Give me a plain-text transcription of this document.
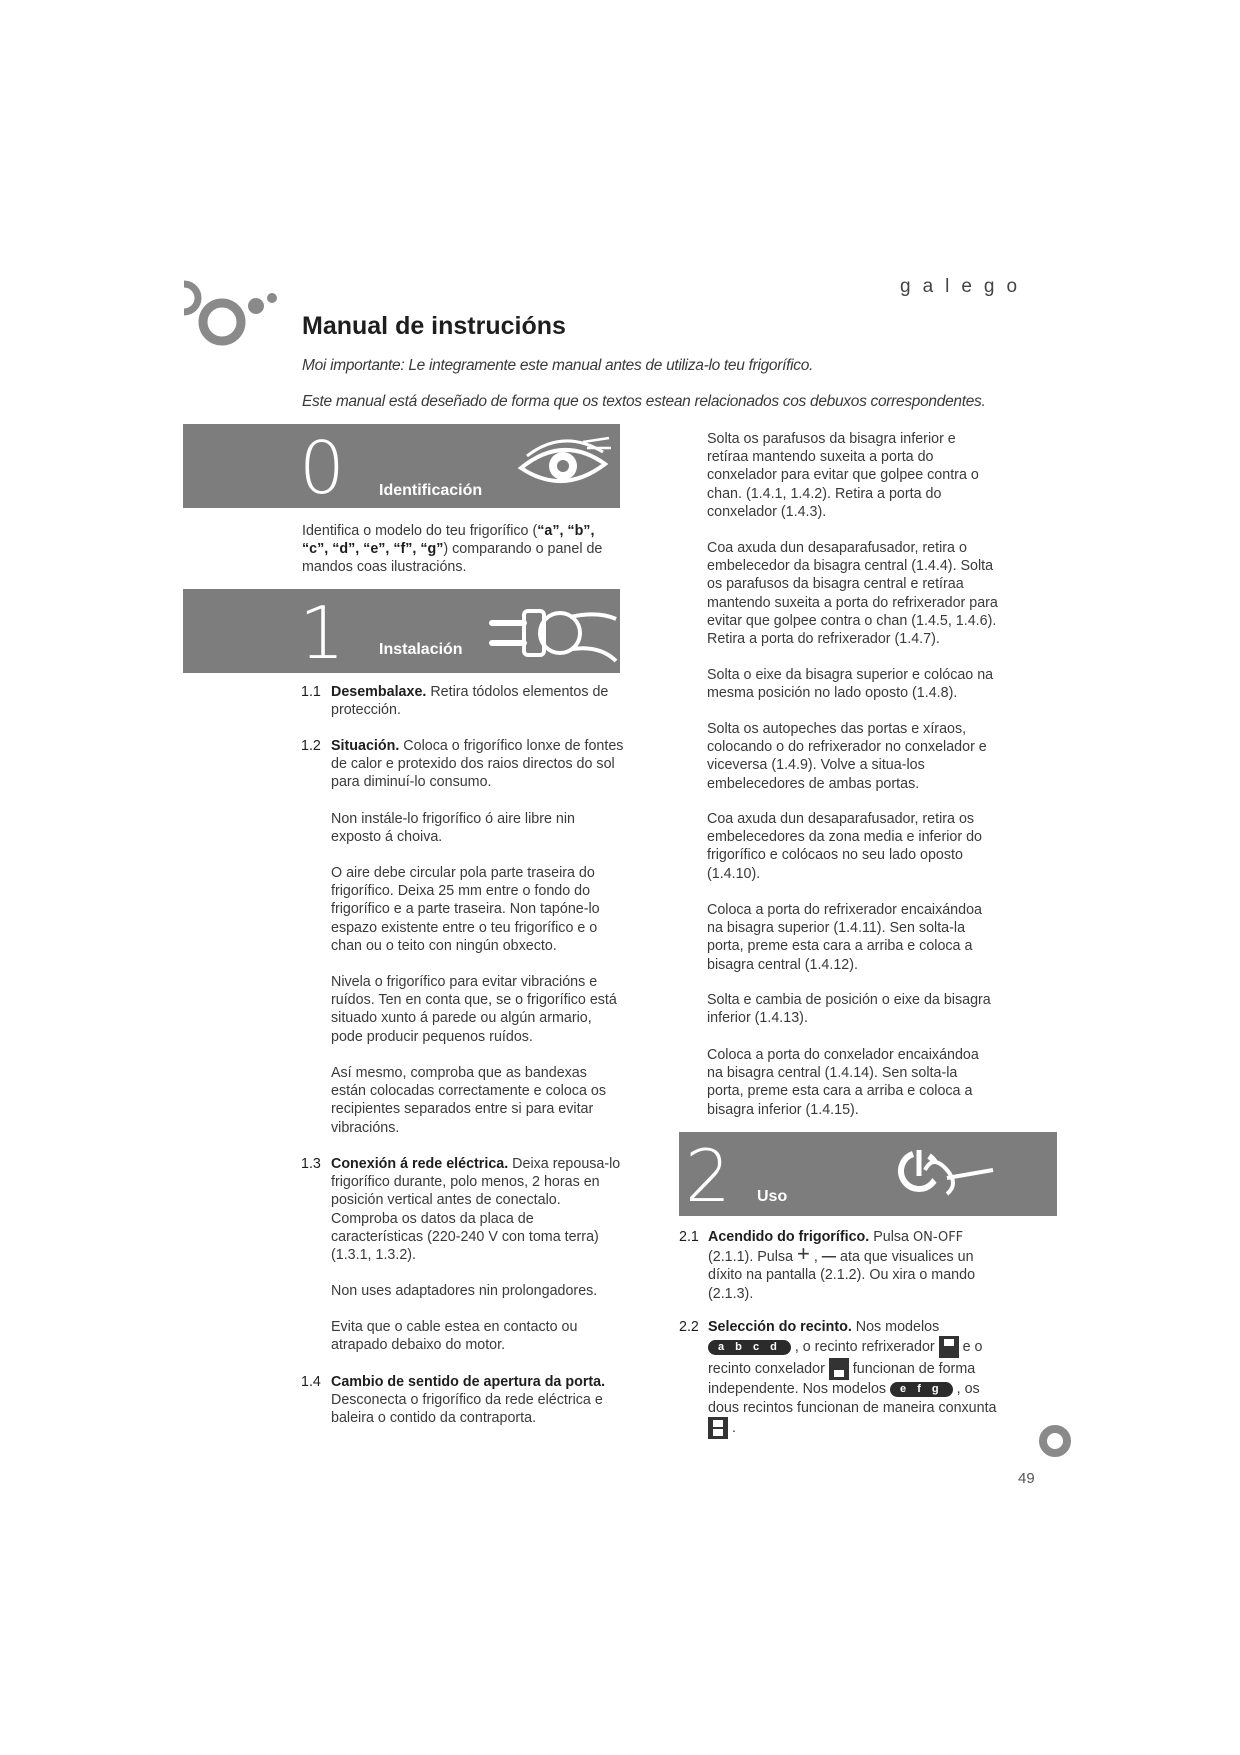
galego
Manual de instrucións
Moi importante: Le integramente este manual antes de utiliza-lo teu frigorífico.
Este manual está deseñado de forma que os textos estean relacionados cos debuxos correspondentes.
0 Identificación
Identifica o modelo do teu frigorífico (“a”, “b”,
“c”, “d”, “e”, “f”, “g”) comparando o panel de mandos coas ilustracións.
1 Instalación
1.1 Desembalaxe. Retira tódolos elementos de protección.
1.2 Situación. Coloca o frigorífico lonxe de fontes de calor e protexido dos raios directos do sol para diminuí-lo consumo.
Non instále-lo frigorífico ó aire libre nin exposto á choiva.
O aire debe circular pola parte traseira do frigorífico. Deixa 25 mm entre o fondo do frigorífico e a parte traseira. Non tapóne-lo espazo existente entre o teu frigorífico e o chan ou o teito con ningún obxecto.
Nivela o frigorífico para evitar vibracións e ruídos. Ten en conta que, se o frigorífico está situado xunto á parede ou algún armario, pode producir pequenos ruídos.
Así mesmo, comproba que as bandexas están colocadas correctamente e coloca os recipientes separados entre si para evitar vibracións.
1.3 Conexión á rede eléctrica. Deixa repousa-lo frigorífico durante, polo menos, 2 horas en posición vertical antes de conectalo. Comproba os datos da placa de características (220-240 V con toma terra) (1.3.1, 1.3.2).
Non uses adaptadores nin prolongadores.
Evita que o cable estea en contacto ou atrapado debaixo do motor.
1.4 Cambio de sentido de apertura da porta. Desconecta o frigorífico da rede eléctrica e baleira o contido da contraporta.
Solta os parafusos da bisagra inferior e retíraa mantendo suxeita a porta do conxelador para evitar que golpee contra o chan. (1.4.1, 1.4.2). Retira a porta do conxelador (1.4.3).
Coa axuda dun desaparafusador, retira o embelecedor da bisagra central (1.4.4). Solta os parafusos da bisagra central e retíraa mantendo suxeita a porta do refrixerador para evitar que golpee contra o chan (1.4.5, 1.4.6). Retira a porta do refrixerador (1.4.7).
Solta o eixe da bisagra superior e colócao na mesma posición no lado oposto (1.4.8).
Solta os autopeches das portas e xíraos, colocando o do refrixerador no conxelador e viceversa (1.4.9). Volve a situa-los embelecedores de ambas portas.
Coa axuda dun desaparafusador, retira os embelecedores da zona media e inferior do frigorífico e colócaos no seu lado oposto (1.4.10).
Coloca a porta do refrixerador encaixándoa na bisagra superior (1.4.11). Sen solta-la porta, preme esta cara a arriba e coloca a bisagra central (1.4.12).
Solta e cambia de posición o eixe da bisagra inferior (1.4.13).
Coloca a porta do conxelador encaixándoa na bisagra central (1.4.14). Sen solta-la porta, preme esta cara a arriba e coloca a bisagra inferior (1.4.15).
2 Uso
2.1 Acendido do frigorífico. Pulsa ON-OFF (2.1.1). Pulsa + , — ata que visualices un díxito na pantalla (2.1.2). Ou xira o mando (2.1.3).
2.2 Selección do recinto. Nos modelos
a b c d , o recinto refrixerador
e o recinto conxelador
funcionan de forma independente. Nos modelos e f g , os dous recintos funcionan de maneira conxunta
.
49
